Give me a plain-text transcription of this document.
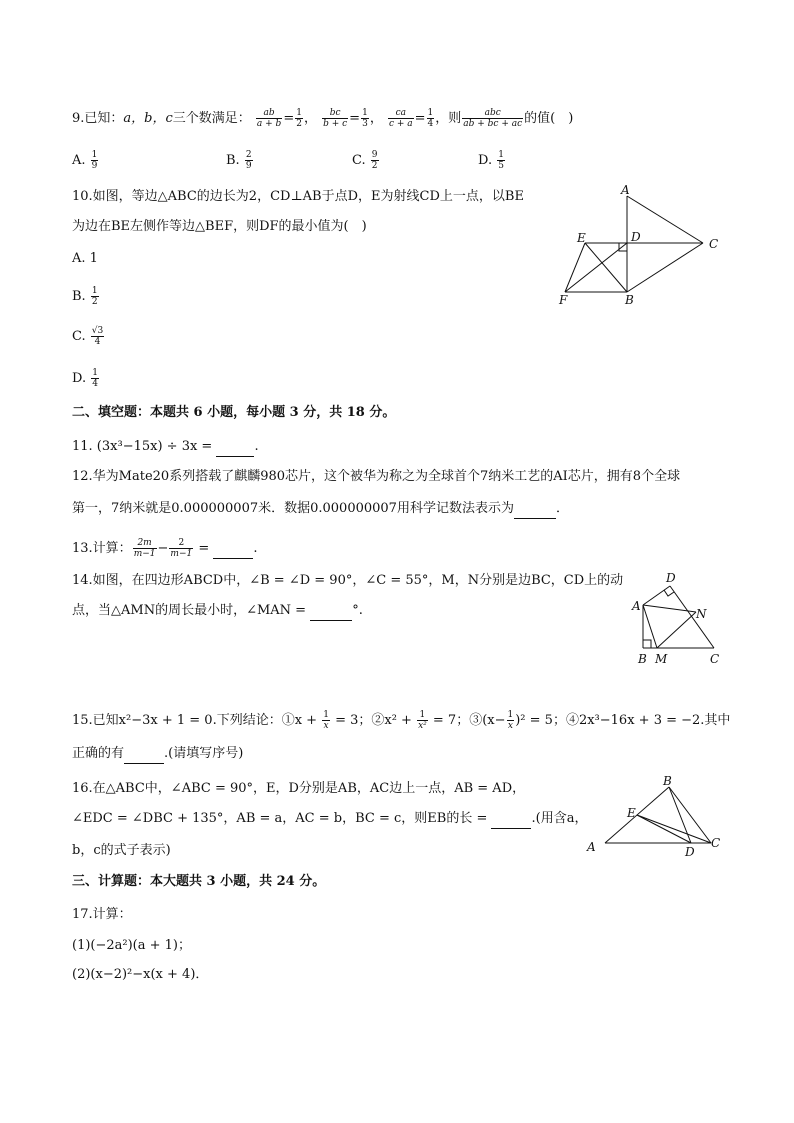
9.已知：a，b，c三个数满足： $\frac{ab}{a + b} = \frac{1}{2}$ ， $\frac{bc}{b + c} = \frac{1}{3}$ ， $\frac{ca}{c + a} = \frac{1}{4}$ ，则 $\frac{\text{abc}}{ab + bc + ac}$ 的值(　)
A. $\frac{1}{9}$	B. $\frac{2}{9}$	C. $\frac{9}{2}$	D. $\frac{1}{5}$
10.如图，等边△ABC的边长为2，CD⊥AB于点D，E为射线CD上一点，以BE
为边在BE左侧作等边△BEF，则DF的最小值为(　)
A. 1
B. $\frac{1}{2}$
C. $\frac{√3}{4}$
D. $\frac{1}{4}$
A
C
D
E
F	B
二、填空题：本题共 6 小题，每小题 3 分，共 18 分。
11. (3x³−15x) ÷ 3x =	.
12.华为Mate20系列搭载了麒麟980芯片，这个被华为称之为全球首个7纳米工艺的AI芯片，拥有8个全球
第一，7纳米就是0.000000007米．数据0.000000007用科学记数法表示为	．
13.计算： $\frac{2m}{m-1} - \frac{2}{m-1}$ =	.
14.如图，在四边形ABCD中，∠B = ∠D = 90°，∠C = 55°，M，N分别是边BC，CD上的动
点，当△AMN的周长最小时，∠MAN =	°.
D
A
N
B M	C
15.已知x²−3x + 1 = 0.下列结论：①x + $\frac{1}{x} = 3$；②x² + $\frac{1}{\text{x²}} = 7$；③(x− $\frac{1}{x} )^2 = 5$；④2x³−16x + 3 = −2.其中
正确的有	.(请填写序号)
16.在△ABC中，∠ABC = 90°，E，D分别是AB，AC边上一点，AB = AD，
∠EDC = ∠DBC + 135°，AB = a，AC = b，BC = c，则EB的长 =	.(用含a，
b，c的式子表示)
B
E
A	D
C
三、计算题：本大题共 3 小题，共 24 分。
17.计算：
(1)(−2a²)(a + 1)；
(2)(x−2)²−x(x + 4)．
